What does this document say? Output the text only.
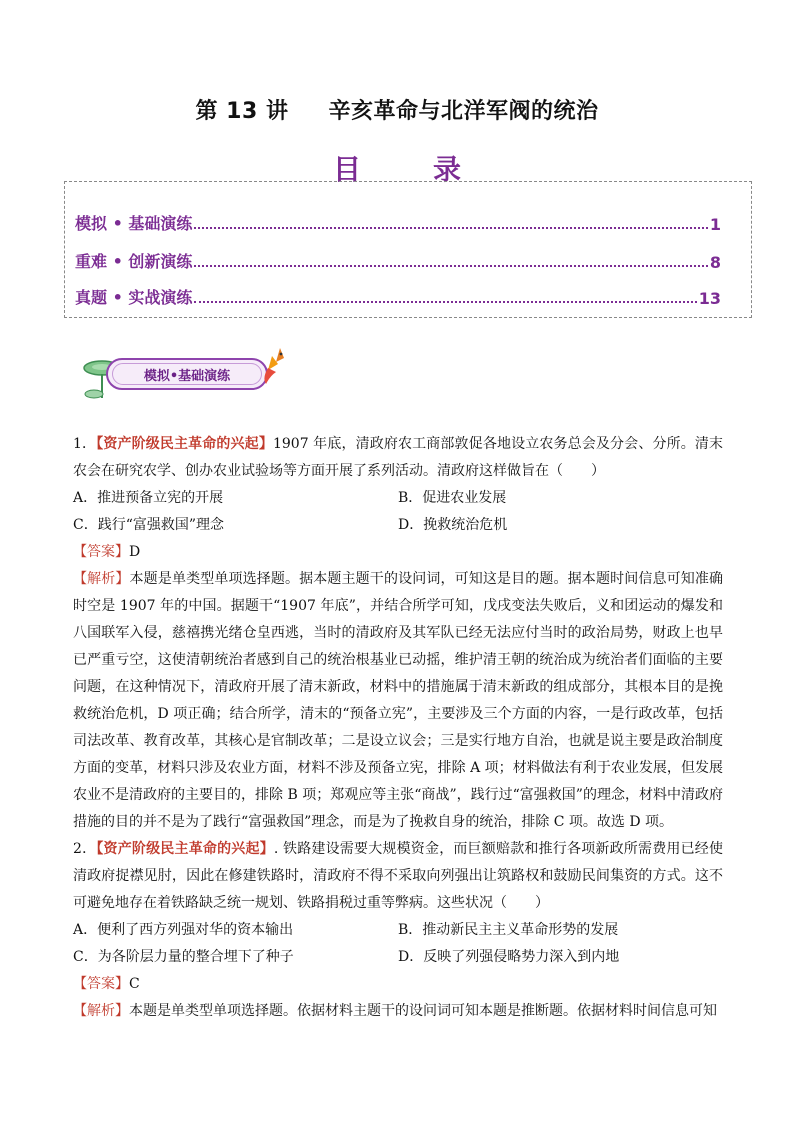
第 13 讲 辛亥革命与北洋军阀的统治
目　录
模拟 • 基础演练	1
重难 • 创新演练	8
真题 • 实战演练	13
模拟•基础演练

1．【资产阶级民主革命的兴起】1907 年底，清政府农工商部敦促各地设立农务总会及分会、分所。清末农会在研究农学、创办农业试验场等方面开展了系列活动。清政府这样做旨在（　　）

A．推进预备立宪的开展	B．促进农业发展
C．践行“富强救国”理念	D．挽救统治危机

【答案】D

【解析】本题是单类型单项选择题。据本题主题干的设问词，可知这是目的题。据本题时间信息可知准确时空是 1907 年的中国。据题干“1907 年底”，并结合所学可知，戊戌变法失败后，义和团运动的爆发和八国联军入侵，慈禧携光绪仓皇西逃，当时的清政府及其军队已经无法应付当时的政治局势，财政上也早已严重亏空，这使清朝统治者感到自己的统治根基业已动摇，维护清王朝的统治成为统治者们面临的主要问题，在这种情况下，清政府开展了清末新政，材料中的措施属于清末新政的组成部分，其根本目的是挽救统治危机，D 项正确；结合所学，清末的“预备立宪”，主要涉及三个方面的内容，一是行政改革，包括司法改革、教育改革，其核心是官制改革；二是设立议会；三是实行地方自治，也就是说主要是政治制度方面的变革，材料只涉及农业方面，材料不涉及预备立宪，排除 A 项；材料做法有利于农业发展，但发展农业不是清政府的主要目的，排除 B 项；郑观应等主张“商战”，践行过“富强救国”的理念，材料中清政府措施的目的并不是为了践行“富强救国”理念，而是为了挽救自身的统治，排除 C 项。故选 D 项。

2．【资产阶级民主革命的兴起】. 铁路建设需要大规模资金，而巨额赔款和推行各项新政所需费用已经使清政府捉襟见肘，因此在修建铁路时，清政府不得不采取向列强出让筑路权和鼓励民间集资的方式。这不可避免地存在着铁路缺乏统一规划、铁路捐税过重等弊病。这些状况（　　）

A．便利了西方列强对华的资本输出	B．推动新民主主义革命形势的发展
C．为各阶层力量的整合埋下了种子	D．反映了列强侵略势力深入到内地

【答案】C

【解析】本题是单类型单项选择题。依据材料主题干的设问词可知本题是推断题。依据材料时间信息可知
